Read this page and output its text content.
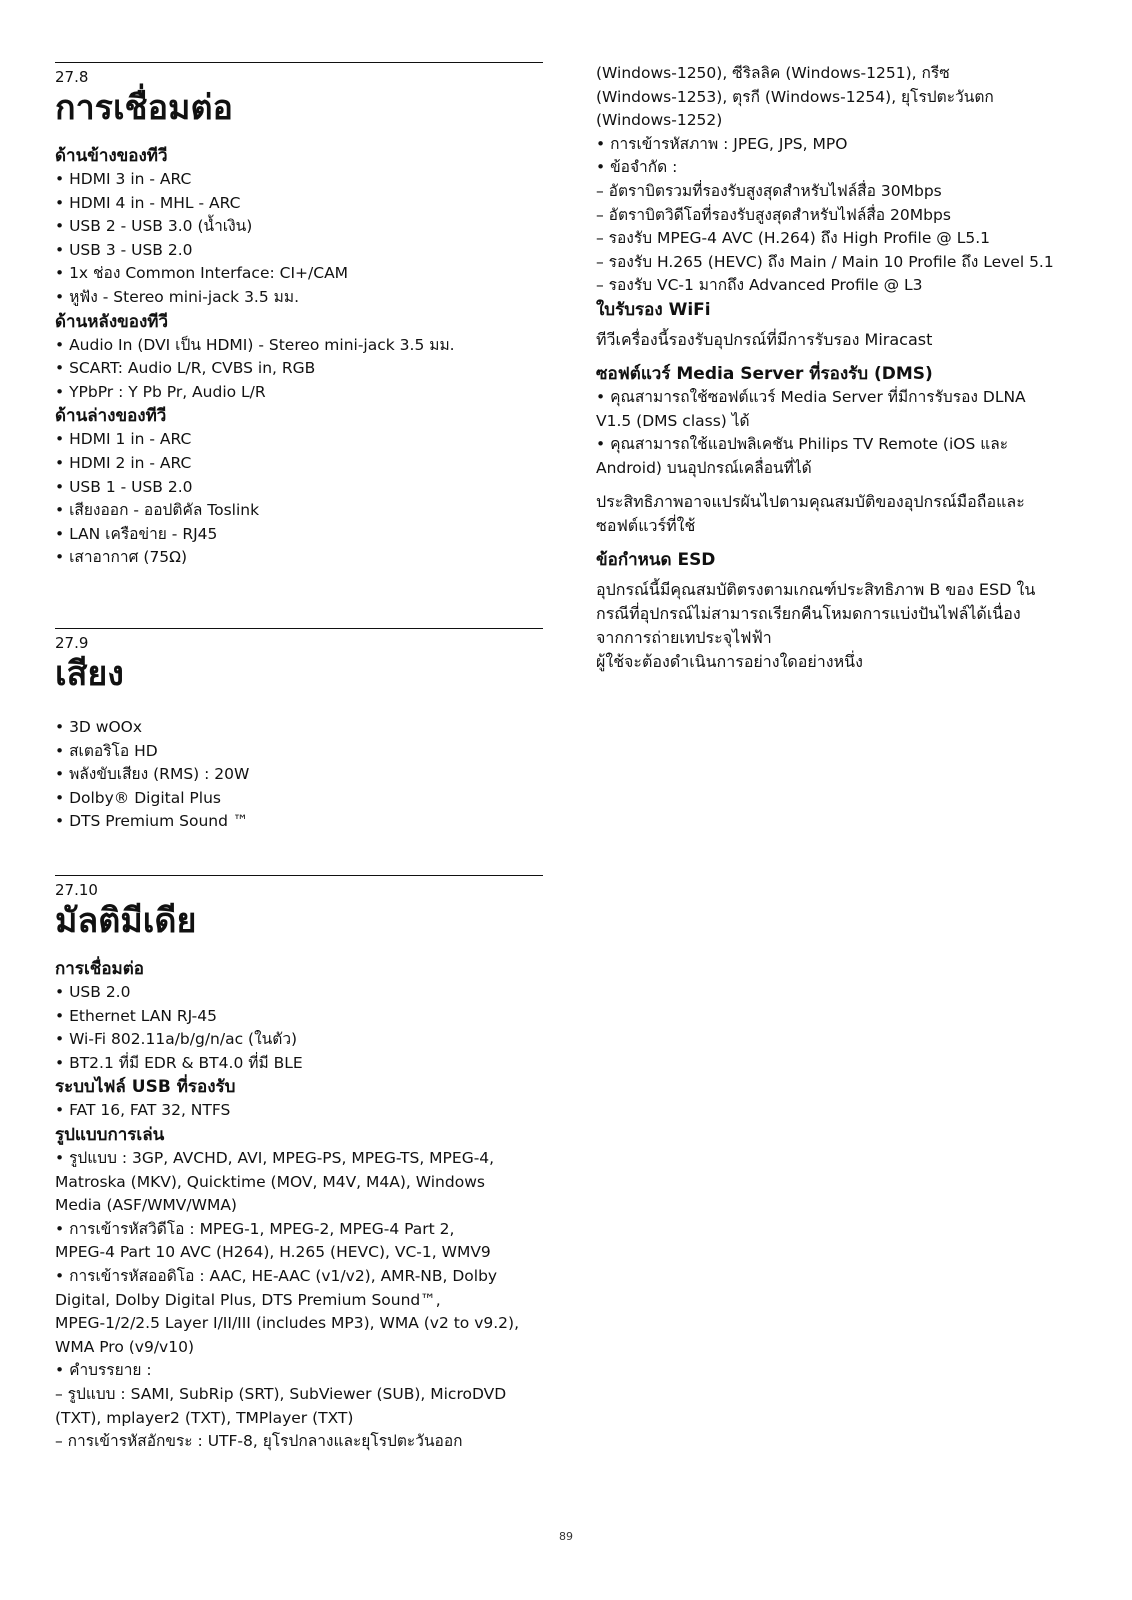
27.8
การเชื่อมต่อ
ด้านข้างของทีวี
• HDMI 3 in - ARC
• HDMI 4 in - MHL - ARC
• USB 2 - USB 3.0 (น้ำเงิน)
• USB 3 - USB 2.0
• 1x ช่อง Common Interface: CI+/CAM
• หูฟัง - Stereo mini-jack 3.5 มม.
ด้านหลังของทีวี
• Audio In (DVI เป็น HDMI) - Stereo mini-jack 3.5 มม.
• SCART: Audio L/R, CVBS in, RGB
• YPbPr : Y Pb Pr, Audio L/R
ด้านล่างของทีวี
• HDMI 1 in - ARC
• HDMI 2 in - ARC
• USB 1 - USB 2.0
• เสียงออก - ออปติคัล Toslink
• LAN เครือข่าย - RJ45
• เสาอากาศ (75Ω)
27.9
เสียง
• 3D wOOx
• สเตอริโอ HD
• พลังขับเสียง (RMS) : 20W
• Dolby® Digital Plus
• DTS Premium Sound ™
27.10
มัลติมีเดีย
การเชื่อมต่อ
• USB 2.0
• Ethernet LAN RJ-45
• Wi-Fi 802.11a/b/g/n/ac (ในตัว)
• BT2.1 ที่มี EDR & BT4.0 ที่มี BLE
ระบบไฟล์ USB ที่รองรับ
• FAT 16, FAT 32, NTFS
รูปแบบการเล่น
• รูปแบบ : 3GP, AVCHD, AVI, MPEG-PS, MPEG-TS, MPEG-4,
Matroska (MKV), Quicktime (MOV, M4V, M4A), Windows
Media (ASF/WMV/WMA)
• การเข้ารหัสวิดีโอ : MPEG-1, MPEG-2, MPEG-4 Part 2,
MPEG-4 Part 10 AVC (H264), H.265 (HEVC), VC-1, WMV9
• การเข้ารหัสออดิโอ : AAC, HE-AAC (v1/v2), AMR-NB, Dolby
Digital, Dolby Digital Plus, DTS Premium Sound™,
MPEG-1/2/2.5 Layer I/II/III (includes MP3), WMA (v2 to v9.2),
WMA Pro (v9/v10)
• คำบรรยาย :
– รูปแบบ : SAMI, SubRip (SRT), SubViewer (SUB), MicroDVD
(TXT), mplayer2 (TXT), TMPlayer (TXT)
– การเข้ารหัสอักขระ : UTF-8, ยุโรปกลางและยุโรปตะวันออก
(Windows-1250), ซีริลลิค (Windows-1251), กรีซ
(Windows-1253), ตุรกี (Windows-1254), ยุโรปตะวันตก
(Windows-1252)
• การเข้ารหัสภาพ : JPEG, JPS, MPO
• ข้อจำกัด :
– อัตราบิตรวมที่รองรับสูงสุดสำหรับไฟล์สื่อ 30Mbps
– อัตราบิตวิดีโอที่รองรับสูงสุดสำหรับไฟล์สื่อ 20Mbps
– รองรับ MPEG-4 AVC (H.264) ถึง High Profile @ L5.1
– รองรับ H.265 (HEVC) ถึง Main / Main 10 Profile ถึง Level 5.1
– รองรับ VC-1 มากถึง Advanced Profile @ L3
ใบรับรอง WiFi
ทีวีเครื่องนี้รองรับอุปกรณ์ที่มีการรับรอง Miracast
ซอฟต์แวร์ Media Server ที่รองรับ (DMS)
• คุณสามารถใช้ซอฟต์แวร์ Media Server ที่มีการรับรอง DLNA
V1.5 (DMS class) ได้
• คุณสามารถใช้แอปพลิเคชัน Philips TV Remote (iOS และ
Android) บนอุปกรณ์เคลื่อนที่ได้
ประสิทธิภาพอาจแปรผันไปตามคุณสมบัติของอุปกรณ์มือถือและ
ซอฟต์แวร์ที่ใช้
ข้อกำหนด ESD
อุปกรณ์นี้มีคุณสมบัติตรงตามเกณฑ์ประสิทธิภาพ B ของ ESD ใน
กรณีที่อุปกรณ์ไม่สามารถเรียกคืนโหมดการแบ่งปันไฟล์ได้เนื่อง
จากการถ่ายเทประจุไฟฟ้า
ผู้ใช้จะต้องดำเนินการอย่างใดอย่างหนึ่ง
89
